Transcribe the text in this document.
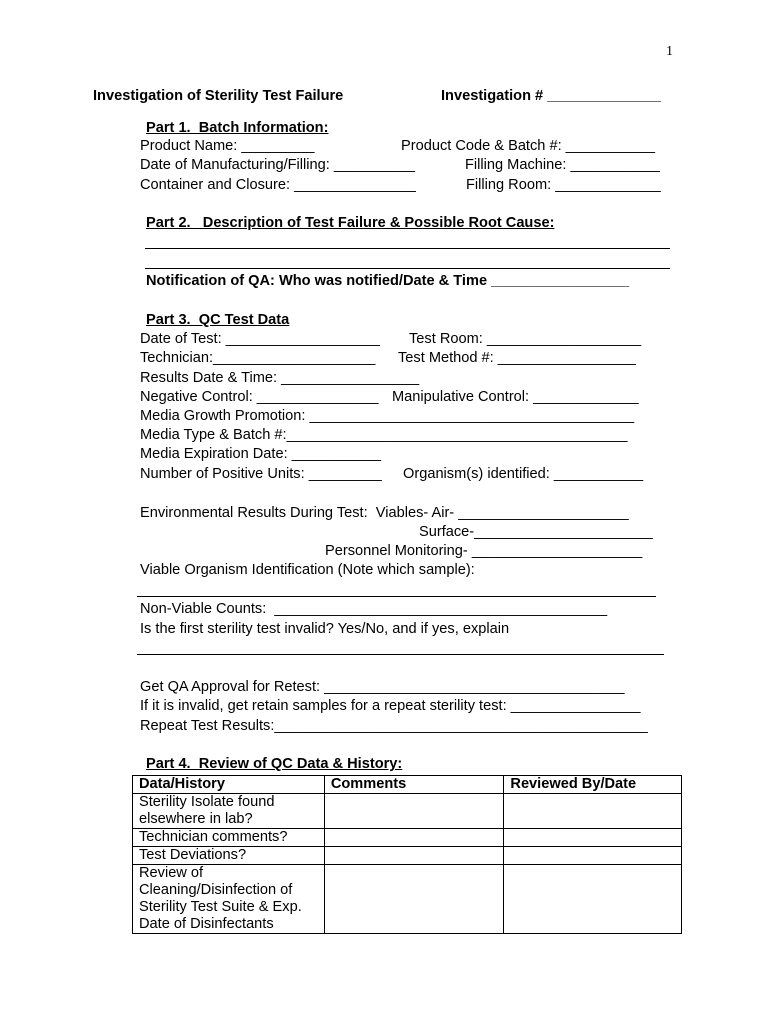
1
Investigation of Sterility Test Failure	Investigation # ______________
Part 1.  Batch Information:
Product Name: _________	Product Code & Batch #: ___________
Date of Manufacturing/Filling: __________	Filling Machine: ___________
Container and Closure: _______________	Filling Room: _____________
Part 2.   Description of Test Failure & Possible Root Cause:
Notification of QA: Who was notified/Date & Time _________________
Part 3.  QC Test Data
Date of Test: ___________________ Test Room: ___________________
Technician:____________________ Test Method #: _________________
Results Date & Time: _________________
Negative Control: _______________ Manipulative Control: _____________
Media Growth Promotion: ________________________________________
Media Type & Batch #:__________________________________________
Media Expiration Date: ___________
Number of Positive Units: _________ Organism(s) identified: ___________
Environmental Results During Test:  Viables- Air- _____________________
Surface-______________________
Personnel Monitoring- _____________________
Viable Organism Identification (Note which sample):
Non-Viable Counts:  _________________________________________
Is the first sterility test invalid? Yes/No, and if yes, explain
Get QA Approval for Retest: _____________________________________
If it is invalid, get retain samples for a repeat sterility test: ________________
Repeat Test Results:______________________________________________
Part 4.  Review of QC Data & History:
Data/History	Comments	Reviewed By/Date
Sterility Isolate found elsewhere in lab?		
Technician comments?		
Test Deviations?		
Review of Cleaning/Disinfection of Sterility Test Suite & Exp. Date of Disinfectants		
